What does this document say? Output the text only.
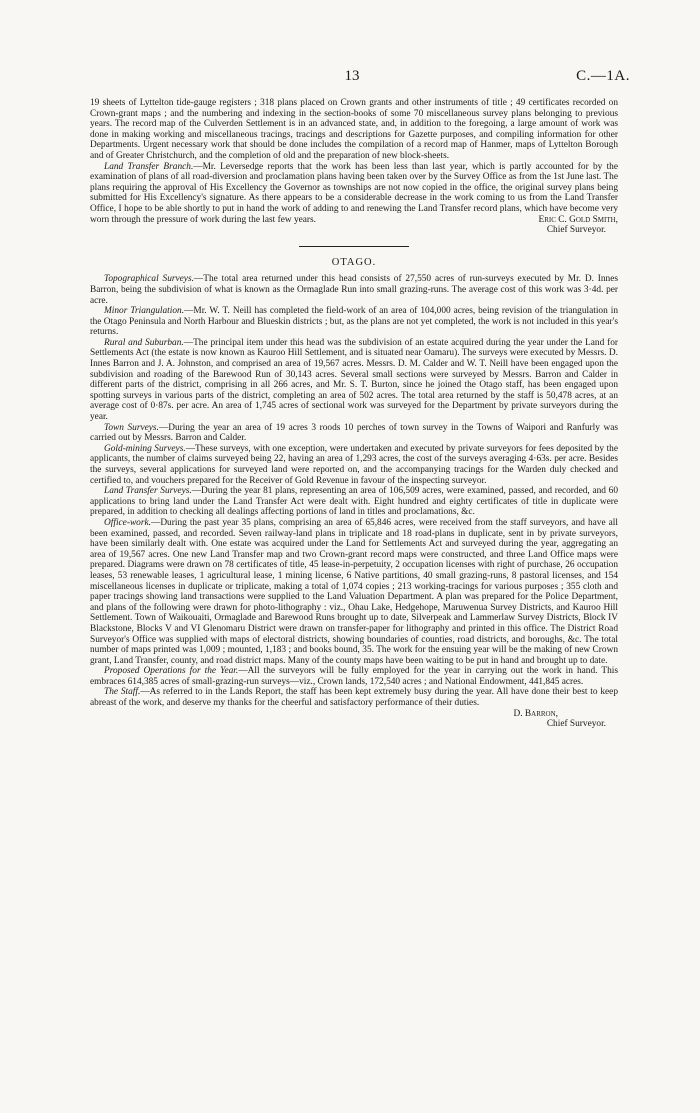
13	C.—1A.

19 sheets of Lyttelton tide-gauge registers ; 318 plans placed on Crown grants and other instruments of title ; 49 certificates recorded on Crown-grant maps ; and the numbering and indexing in the section-books of some 70 miscellaneous survey plans belonging to previous years. The record map of the Culverden Settlement is in an advanced state, and, in addition to the foregoing, a large amount of work was done in making working and miscellaneous tracings, tracings and descriptions for Gazette purposes, and compiling information for other Departments. Urgent necessary work that should be done includes the compilation of a record map of Hanmer, maps of Lyttelton Borough and of Greater Christchurch, and the completion of old and the preparation of new block-sheets.

Land Transfer Branch.—Mr. Leversedge reports that the work has been less than last year, which is partly accounted for by the examination of plans of all road-diversion and proclamation plans having been taken over by the Survey Office as from the 1st June last. The plans requiring the approval of His Excellency the Governor as townships are not now copied in the office, the original survey plans being submitted for His Excellency's signature. As there appears to be a considerable decrease in the work coming to us from the Land Transfer Office, I hope to be able shortly to put in hand the work of adding to and renewing the Land Transfer record plans, which have become very worn through the pressure of work during the last few years.	Eric C. Gold Smith,

Chief Surveyor.
OTAGO.

Topographical Surveys.—The total area returned under this head consists of 27,550 acres of run-surveys executed by Mr. D. Innes Barron, being the subdivision of what is known as the Ormaglade Run into small grazing-runs. The average cost of this work was 3·4d. per acre.

Minor Triangulation.—Mr. W. T. Neill has completed the field-work of an area of 104,000 acres, being revision of the triangulation in the Otago Peninsula and North Harbour and Blueskin districts ; but, as the plans are not yet completed, the work is not included in this year's returns.

Rural and Suburban.—The principal item under this head was the subdivision of an estate acquired during the year under the Land for Settlements Act (the estate is now known as Kauroo Hill Settlement, and is situated near Oamaru). The surveys were executed by Messrs. D. Innes Barron and J. A. Johnston, and comprised an area of 19,567 acres. Messrs. D. M. Calder and W. T. Neill have been engaged upon the subdivision and roading of the Barewood Run of 30,143 acres. Several small sections were surveyed by Messrs. Barron and Calder in different parts of the district, comprising in all 266 acres, and Mr. S. T. Burton, since he joined the Otago staff, has been engaged upon spotting surveys in various parts of the district, completing an area of 502 acres. The total area returned by the staff is 50,478 acres, at an average cost of 0·87s. per acre. An area of 1,745 acres of sectional work was surveyed for the Department by private surveyors during the year.

Town Surveys.—During the year an area of 19 acres 3 roods 10 perches of town survey in the Towns of Waipori and Ranfurly was carried out by Messrs. Barron and Calder.

Gold-mining Surveys.—These surveys, with one exception, were undertaken and executed by private surveyors for fees deposited by the applicants, the number of claims surveyed being 22, having an area of 1,293 acres, the cost of the surveys averaging 4·63s. per acre. Besides the surveys, several applications for surveyed land were reported on, and the accompanying tracings for the Warden duly checked and certified to, and vouchers prepared for the Receiver of Gold Revenue in favour of the inspecting surveyor.

Land Transfer Surveys.—During the year 81 plans, representing an area of 106,509 acres, were examined, passed, and recorded, and 60 applications to bring land under the Land Transfer Act were dealt with. Eight hundred and eighty certificates of title in duplicate were prepared, in addition to checking all dealings affecting portions of land in titles and proclamations, &c.

Office-work.—During the past year 35 plans, comprising an area of 65,846 acres, were received from the staff surveyors, and have all been examined, passed, and recorded. Seven railway-land plans in triplicate and 18 road-plans in duplicate, sent in by private surveyors, have been similarly dealt with. One estate was acquired under the Land for Settlements Act and surveyed during the year, aggregating an area of 19,567 acres. One new Land Transfer map and two Crown-grant record maps were constructed, and three Land Office maps were prepared. Diagrams were drawn on 78 certificates of title, 45 lease-in-perpetuity, 2 occupation licenses with right of purchase, 26 occupation leases, 53 renewable leases, 1 agricultural lease, 1 mining license, 6 Native partitions, 40 small grazing-runs, 8 pastoral licenses, and 154 miscellaneous licenses in duplicate or triplicate, making a total of 1,074 copies ; 213 working-tracings for various purposes ; 355 cloth and paper tracings showing land transactions were supplied to the Land Valuation Department. A plan was prepared for the Police Department, and plans of the following were drawn for photo-lithography : viz., Ohau Lake, Hedgehope, Maruwenua Survey Districts, and Kauroo Hill Settlement. Town of Waikouaiti, Ormaglade and Barewood Runs brought up to date, Silverpeak and Lammerlaw Survey Districts, Block IV Blackstone, Blocks V and VI Glenomaru District were drawn on transfer-paper for lithography and printed in this office. The District Road Surveyor's Office was supplied with maps of electoral districts, showing boundaries of counties, road districts, and boroughs, &c. The total number of maps printed was 1,009 ; mounted, 1,183 ; and books bound, 35. The work for the ensuing year will be the making of new Crown grant, Land Transfer, county, and road district maps. Many of the county maps have been waiting to be put in hand and brought up to date.

Proposed Operations for the Year.—All the surveyors will be fully employed for the year in carrying out the work in hand. This embraces 614,385 acres of small-grazing-run surveys—viz., Crown lands, 172,540 acres ; and National Endowment, 441,845 acres.

The Staff.—As referred to in the Lands Report, the staff has been kept extremely busy during the year. All have done their best to keep abreast of the work, and deserve my thanks for the cheerful and satisfactory performance of their duties.

D. Barron,
Chief Surveyor.
